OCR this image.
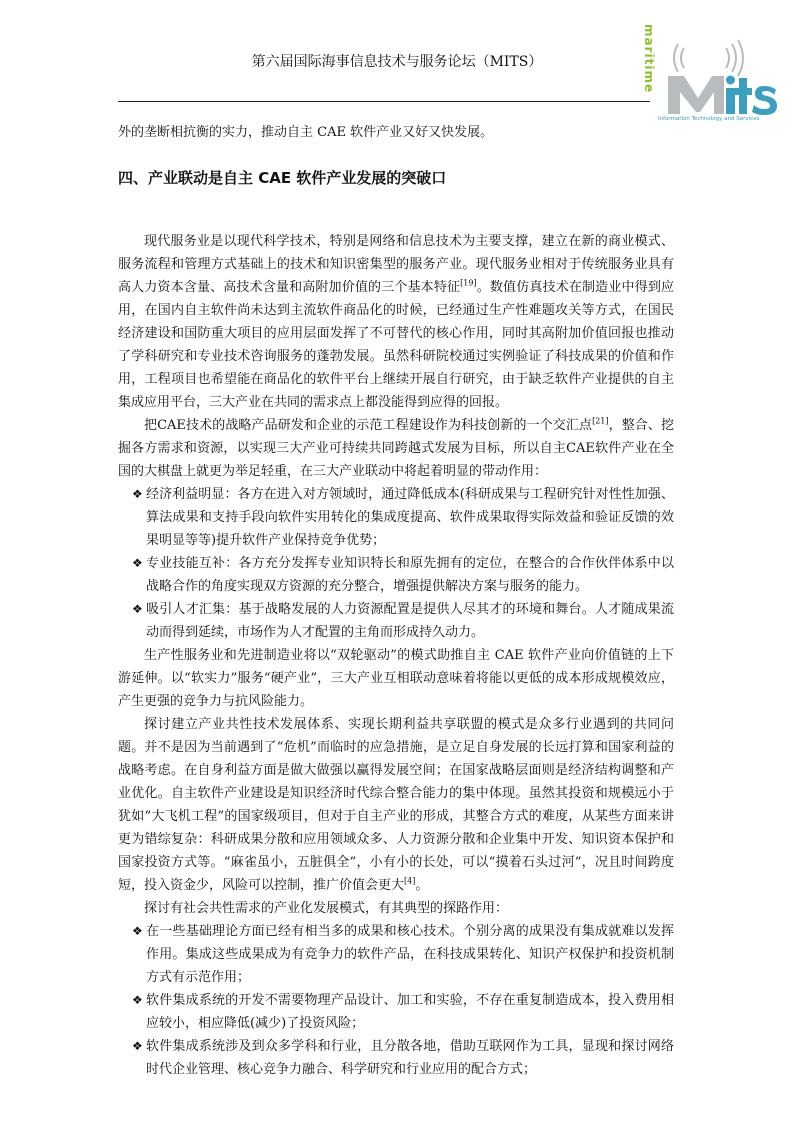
第六届国际海事信息技术与服务论坛（MITS）	maritime
Information Technology and Services

外的垄断相抗衡的实力，推动自主 CAE 软件产业又好又快发展。

四、产业联动是自主 CAE 软件产业发展的突破口

现代服务业是以现代科学技术，特别是网络和信息技术为主要支撑，建立在新的商业模式、服务流程和管理方式基础上的技术和知识密集型的服务产业。现代服务业相对于传统服务业具有高人力资本含量、高技术含量和高附加价值的三个基本特征[19]。数值仿真技术在制造业中得到应用，在国内自主软件尚未达到主流软件商品化的时候，已经通过生产性难题攻关等方式，在国民经济建设和国防重大项目的应用层面发挥了不可替代的核心作用，同时其高附加价值回报也推动了学科研究和专业技术咨询服务的蓬勃发展。虽然科研院校通过实例验证了科技成果的价值和作用，工程项目也希望能在商品化的软件平台上继续开展自行研究，由于缺乏软件产业提供的自主集成应用平台，三大产业在共同的需求点上都没能得到应得的回报。

把CAE技术的战略产品研发和企业的示范工程建设作为科技创新的一个交汇点[21]，整合、挖掘各方需求和资源，以实现三大产业可持续共同跨越式发展为目标，所以自主CAE软件产业在全国的大棋盘上就更为举足轻重，在三大产业联动中将起着明显的带动作用：

❖ 经济利益明显：各方在进入对方领域时，通过降低成本(科研成果与工程研究针对性性加强、算法成果和支持手段向软件实用转化的集成度提高、软件成果取得实际效益和验证反馈的效果明显等等)提升软件产业保持竞争优势；

❖ 专业技能互补：各方充分发挥专业知识特长和原先拥有的定位，在整合的合作伙伴体系中以战略合作的角度实现双方资源的充分整合，增强提供解决方案与服务的能力。

❖ 吸引人才汇集：基于战略发展的人力资源配置是提供人尽其才的环境和舞台。人才随成果流动而得到延续，市场作为人才配置的主角而形成持久动力。

生产性服务业和先进制造业将以“双轮驱动”的模式助推自主 CAE 软件产业向价值链的上下游延伸。以“软实力”服务“硬产业”，三大产业互相联动意味着将能以更低的成本形成规模效应，产生更强的竞争力与抗风险能力。

探讨建立产业共性技术发展体系、实现长期利益共享联盟的模式是众多行业遇到的共同问题。并不是因为当前遇到了“危机”而临时的应急措施，是立足自身发展的长远打算和国家利益的战略考虑。在自身利益方面是做大做强以赢得发展空间；在国家战略层面则是经济结构调整和产业优化。自主软件产业建设是知识经济时代综合整合能力的集中体现。虽然其投资和规模远小于犹如“大飞机工程”的国家级项目，但对于自主产业的形成，其整合方式的难度，从某些方面来讲更为错综复杂：科研成果分散和应用领域众多、人力资源分散和企业集中开发、知识资本保护和国家投资方式等。“麻雀虽小，五脏俱全”，小有小的长处，可以“摸着石头过河”，况且时间跨度短，投入资金少，风险可以控制，推广价值会更大[4]。

探讨有社会共性需求的产业化发展模式，有其典型的探路作用：

❖ 在一些基础理论方面已经有相当多的成果和核心技术。个别分离的成果没有集成就难以发挥作用。集成这些成果成为有竞争力的软件产品，在科技成果转化、知识产权保护和投资机制方式有示范作用；

❖ 软件集成系统的开发不需要物理产品设计、加工和实验，不存在重复制造成本，投入费用相应较小，相应降低(减少)了投资风险；

❖ 软件集成系统涉及到众多学科和行业，且分散各地，借助互联网作为工具，显现和探讨网络时代企业管理、核心竞争力融合、科学研究和行业应用的配合方式；
